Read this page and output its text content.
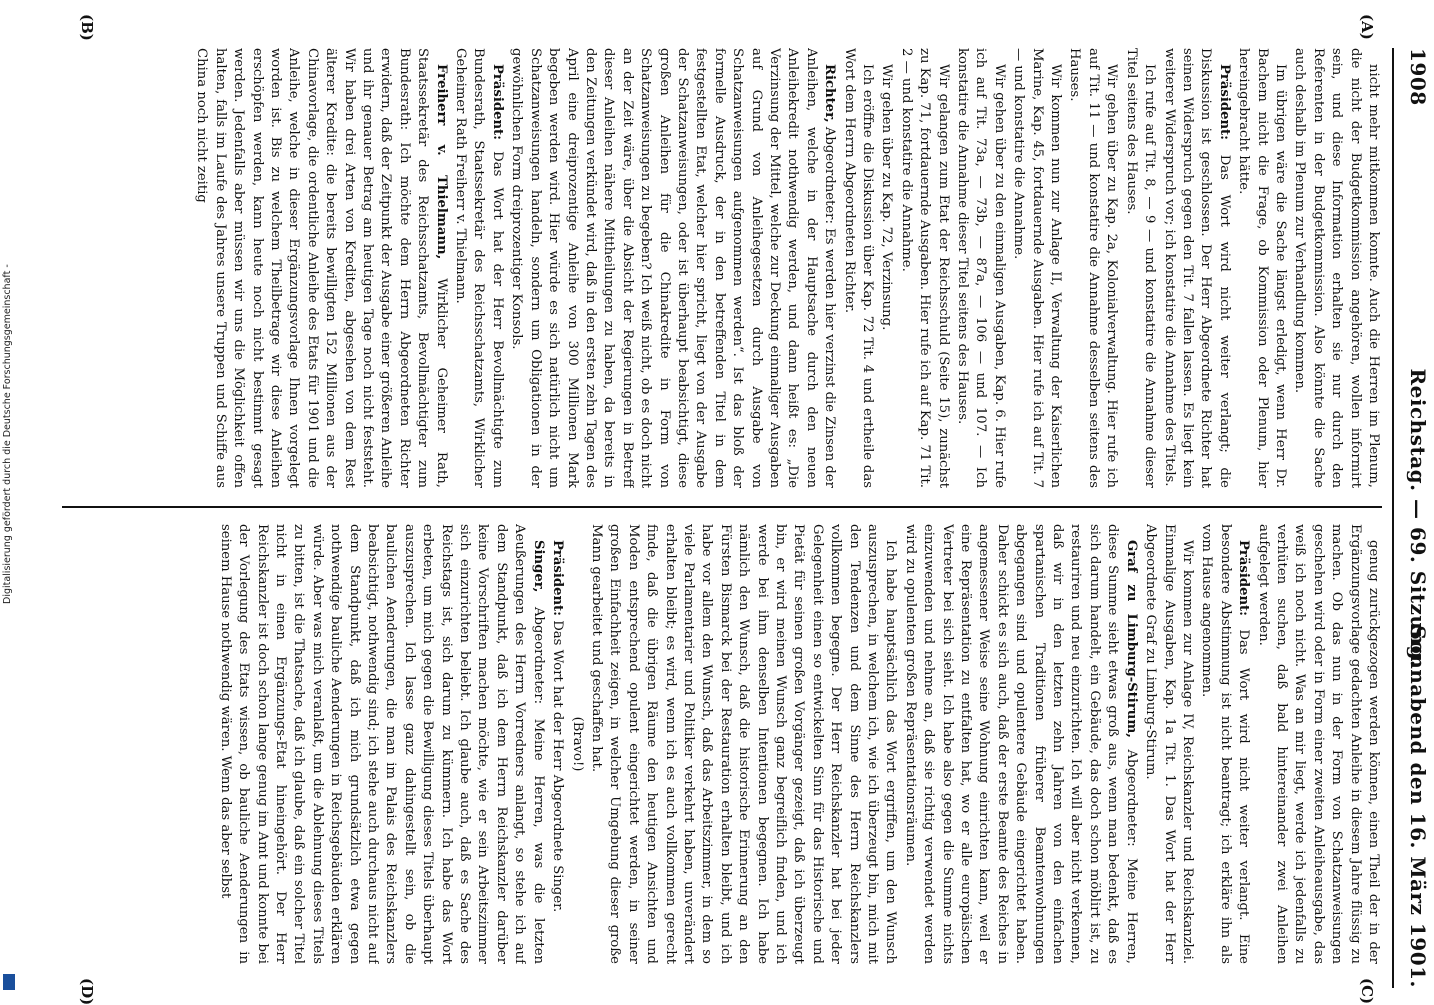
1908
Reichstag. — 69. Sitzung.
Sonnabend den 16. März 1901.

nicht mehr mitkommen konnte. Auch die Herren im Plenum, die nicht der Budgetkommission angehören, wollen informirt sein, und diese Information erhalten sie nur durch den Referenten in der Budgetkommission. Also könnte die Sache auch deshalb im Plenum zur Verhandlung kommen.

Im übrigen wäre die Sache längst erledigt, wenn Herr Dr. Bachem nicht die Frage, ob Kommission oder Plenum, hier hereingebracht hätte.

Präsident: Das Wort wird nicht weiter verlangt; die Diskussion ist geschlossen. Der Herr Abgeordnete Richter hat seinen Widerspruch gegen den Tit. 7 fallen lassen. Es liegt kein weiterer Widerspruch vor; ich konstatire die Annahme des Titels.

Ich rufe auf Tit. 8, — 9 — und konstatire die Annahme dieser Titel seitens des Hauses.

Wir gehen über zu Kap. 2a, Kolonialverwaltung. Hier rufe ich auf Tit. 11 — und konstatire die Annahme desselben seitens des Hauses.

Wir kommen nun zur Anlage II, Verwaltung der Kaiserlichen Marine, Kap. 45, fortdauernde Ausgaben. Hier rufe ich auf Tit. 7 — und konstatire die Annahme.

Wir gehen über zu den einmaligen Ausgaben, Kap. 6. Hier rufe ich auf Tit. 73a, — 73b, — 87a, — 106 — und 107. — Ich konstatire die Annahme dieser Titel seitens des Hauses.

Wir gelangen zum Etat der Reichsschuld (Seite 15), zunächst zu Kap. 71, fortdauernde Ausgaben. Hier rufe ich auf Kap. 71 Tit. 2 — und konstatire die Annahme.

Wir gehen über zu Kap. 72, Verzinsung.

Ich eröffne die Diskussion über Kap. 72 Tit. 4 und ertheile das Wort dem Herrn Abgeordneten Richter.

Richter, Abgeordneter: Es werden hier verzinst die Zinsen der Anleihen, welche in der Hauptsache durch den neuen Anleihekredit nothwendig werden, und dann heißt es: „Die Verzinsung der Mittel, welche zur Deckung einmaliger Ausgaben auf Grund von Anleihegesetzen durch Ausgabe von Schatzanweisungen aufgenommen werden“. Ist das bloß der formelle Ausdruck, der in den betreffenden Titel in dem festgestellten Etat, welcher hier spricht, liegt von der Ausgabe der Schatzanweisungen, oder ist überhaupt beabsichtigt, diese großen Anleihen für die Chinakredite in Form von Schatzanweisungen zu begeben? Ich weiß nicht, ob es doch nicht an der Zeit wäre, über die Absicht der Regierungen in Betreff dieser Anleihen nähere Mittheilungen zu haben, da bereits in den Zeitungen verkündet wird, daß in den ersten zehn Tagen des April eine dreiprozentige Anleihe von 300 Millionen Mark begeben werden wird. Hier würde es sich natürlich nicht um Schatzanweisungen handeln, sondern um Obligationen in der gewöhnlichen Form dreiprozentiger Konsols.

Präsident: Das Wort hat der Herr Bevollmächtigte zum Bundesrath, Staatssekretär des Reichsschatzamts, Wirklicher Geheimer Rath Freiherr v. Thielmann.

Freiherr v. Thielmann, Wirklicher Geheimer Rath, Staatssekretär des Reichsschatzamts, Bevollmächtigter zum Bundesrath: Ich möchte dem Herrn Abgeordneten Richter erwidern, daß der Zeitpunkt der Ausgabe einer größeren Anleihe und ihr genauer Betrag am heutigen Tage noch nicht feststeht. Wir haben drei Arten von Krediten, abgesehen von dem Rest älterer Kredite: die bereits bewilligten 152 Millionen aus der Chinavorlage, die ordentliche Anleihe des Etats für 1901 und die Anleihe, welche in dieser Ergänzungsvorlage Ihnen vorgelegt worden ist. Bis zu welchem Theilbetrage wir diese Anleihen erschöpfen werden, kann heute noch nicht bestimmt gesagt werden. Jedenfalls aber müssen wir uns die Möglichkeit offen halten, falls im Laufe des Jahres unsere Truppen und Schiffe aus China noch nicht zeitig

genug zurückgezogen werden können, einen Theil der in der Ergänzungsvorlage gedachten Anleihe in diesem Jahre flüssig zu machen. Ob das nun in der Form von Schatzanweisungen geschehen wird oder in Form einer zweiten Anleiheausgabe, das weiß ich noch nicht. Was an mir liegt, werde ich jedenfalls zu verhüten suchen, daß bald hintereinander zwei Anleihen aufgelegt werden.

Präsident: Das Wort wird nicht weiter verlangt. Eine besondere Abstimmung ist nicht beantragt; ich erkläre ihn als vom Hause angenommen.

Wir kommen zur Anlage IV, Reichskanzler und Reichskanzlei. Einmalige Ausgaben, Kap. 1a Tit. 1. Das Wort hat der Herr Abgeordnete Graf zu Limburg-Stirum.

Graf zu Limburg-Stirum, Abgeordneter: Meine Herren, diese Summe sieht etwas groß aus, wenn man bedenkt, daß es sich darum handelt, ein Gebäude, das doch schon möblirt ist, zu restauriren und neu einzurichten. Ich will aber nicht verkennen, daß wir in den letzten zehn Jahren von den einfachen spartanischen Traditionen früherer Beamtenwohnungen abgegangen sind und opulentere Gebäude eingerichtet haben. Daher schickt es sich auch, daß der erste Beamte des Reiches in angemessener Weise seine Wohnung einrichten kann, weil er eine Repräsentation zu entfalten hat, wo er alle europäischen Vertreter bei sich sieht. Ich habe also gegen die Summe nichts einzuwenden und nehme an, daß sie richtig verwendet werden wird zu opulenten großen Repräsentationsräumen.

Ich habe hauptsächlich das Wort ergriffen, um den Wunsch auszusprechen, in welchem ich, wie ich überzeugt bin, mich mit den Tendenzen und dem Sinne des Herrn Reichskanzlers vollkommen begegne. Der Herr Reichskanzler hat bei jeder Gelegenheit einen so entwickelten Sinn für das Historische und Pietät für seinen großen Vorgänger gezeigt, daß ich überzeugt bin, er wird meinen Wunsch ganz begreiflich finden, und ich werde bei ihm denselben Intentionen begegnen. Ich habe nämlich den Wunsch, daß die historische Erinnerung an den Fürsten Bismarck bei der Restauration erhalten bleibt, und ich habe vor allem den Wunsch, daß das Arbeitszimmer, in dem so viele Parlamentarier und Politiker verkehrt haben, unverändert erhalten bleibt; es wird, wenn ich es auch vollkommen gerecht finde, daß die übrigen Räume den heutigen Ansichten und Moden entsprechend opulent eingerichtet werden, in seiner großen Einfachheit zeigen, in welcher Umgebung dieser große Mann gearbeitet und geschaffen hat.

(Bravo!)

Präsident: Das Wort hat der Herr Abgeordnete Singer.

Singer, Abgeordneter: Meine Herren, was die letzten Aeußerungen des Herrn Vorredners anlangt, so stehe ich auf dem Standpunkt, daß ich dem Herrn Reichskanzler darüber keine Vorschriften machen möchte, wie er sein Arbeitszimmer sich einzurichten beliebt. Ich glaube auch, daß es Sache des Reichstags ist, sich darum zu kümmern. Ich habe das Wort erbeten, um mich gegen die Bewilligung dieses Titels überhaupt auszusprechen. Ich lasse ganz dahingestellt sein, ob die baulichen Aenderungen, die man im Palais des Reichskanzlers beabsichtigt, nothwendig sind; ich stehe auch durchaus nicht auf dem Standpunkt, daß ich mich grundsätzlich etwa gegen nothwendige bauliche Aenderungen in Reichsgebäuden erklären würde. Aber was mich veranlaßt, um die Ablehnung dieses Titels zu bitten, ist die Thatsache, daß ich glaube, daß ein solcher Titel nicht in einen Ergänzungs-Etat hineingehört. Der Herr Reichskanzler ist doch schon lange genug im Amt und konnte bei der Vorlegung des Etats wissen, ob bauliche Aenderungen in seinem Hause nothwendig wären. Wenn das aber selbst

(A)
(B)
(C)
(D)
Digitalisierung gefördert durch die Deutsche Forschungsgemeinschaft -
